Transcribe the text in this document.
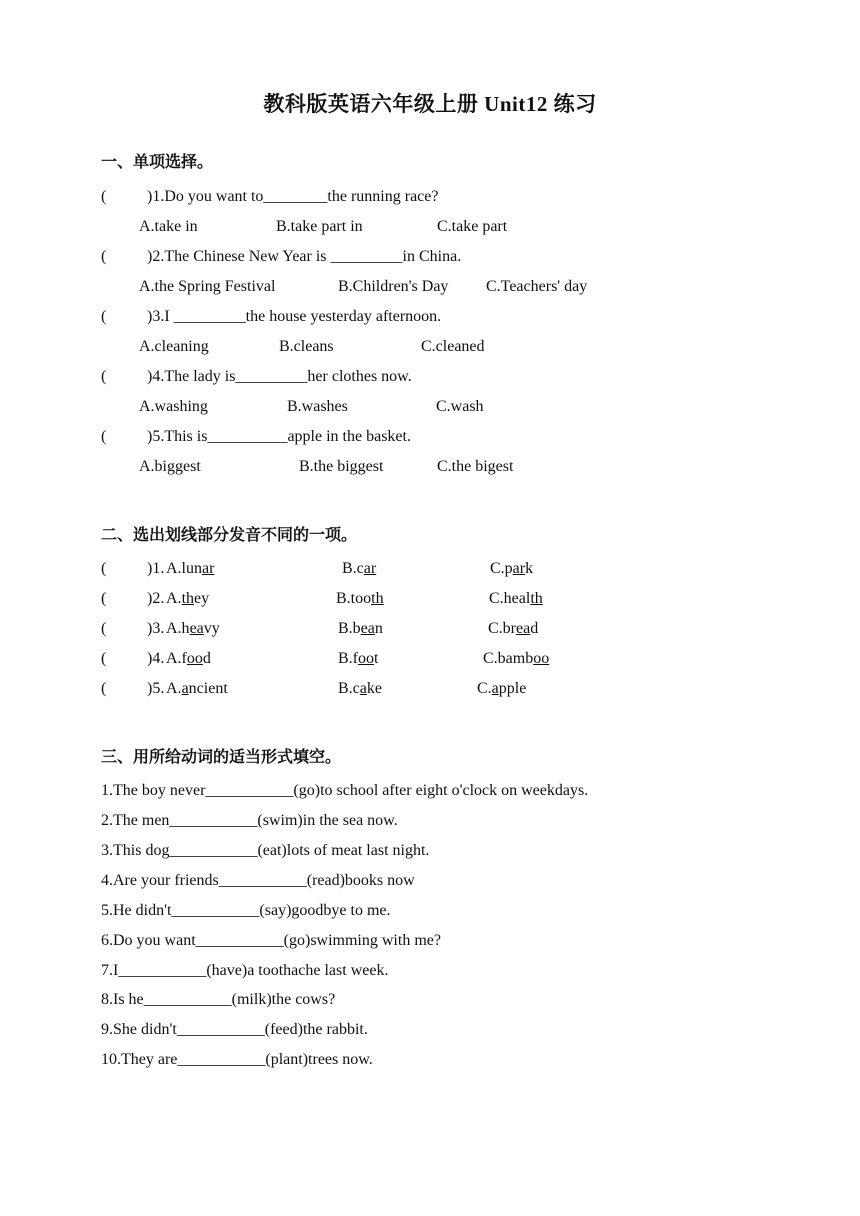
教科版英语六年级上册 Unit12 练习
一、单项选择。
(	)1.Do you want to________the running race?
A.take in	B.take part in	C.take part
(	)2.The Chinese New Year is _________in China.
A.the Spring Festival	B.Children's Day C.Teachers' day
(	)3.I _________the house yesterday afternoon.
A.cleaning	B.cleans	C.cleaned
(	)4.The lady is_________her clothes now.
A.washing	B.washes	C.wash
(	)5.This is__________apple in the basket.
A.biggest	B.the biggest	C.the bigest
二、选出划线部分发音不同的一项。
(	)1. A.lunar	B.car	C.park
(	)2. A.they	B.tooth	C.health
(	)3. A.heavy	B.bean	C.bread
(	)4. A.food	B.foot	C.bamboo
(	)5. A.ancient	B.cake	C.apple
三、用所给动词的适当形式填空。
1.The boy never___________(go)to school after eight o'clock on weekdays.
2.The men___________(swim)in the sea now.
3.This dog___________(eat)lots of meat last night.
4.Are your friends___________(read)books now
5.He didn't___________(say)goodbye to me.
6.Do you want___________(go)swimming with me?
7.I___________(have)a toothache last week.
8.Is he___________(milk)the cows?
9.She didn't___________(feed)the rabbit.
10.They are___________(plant)trees now.
